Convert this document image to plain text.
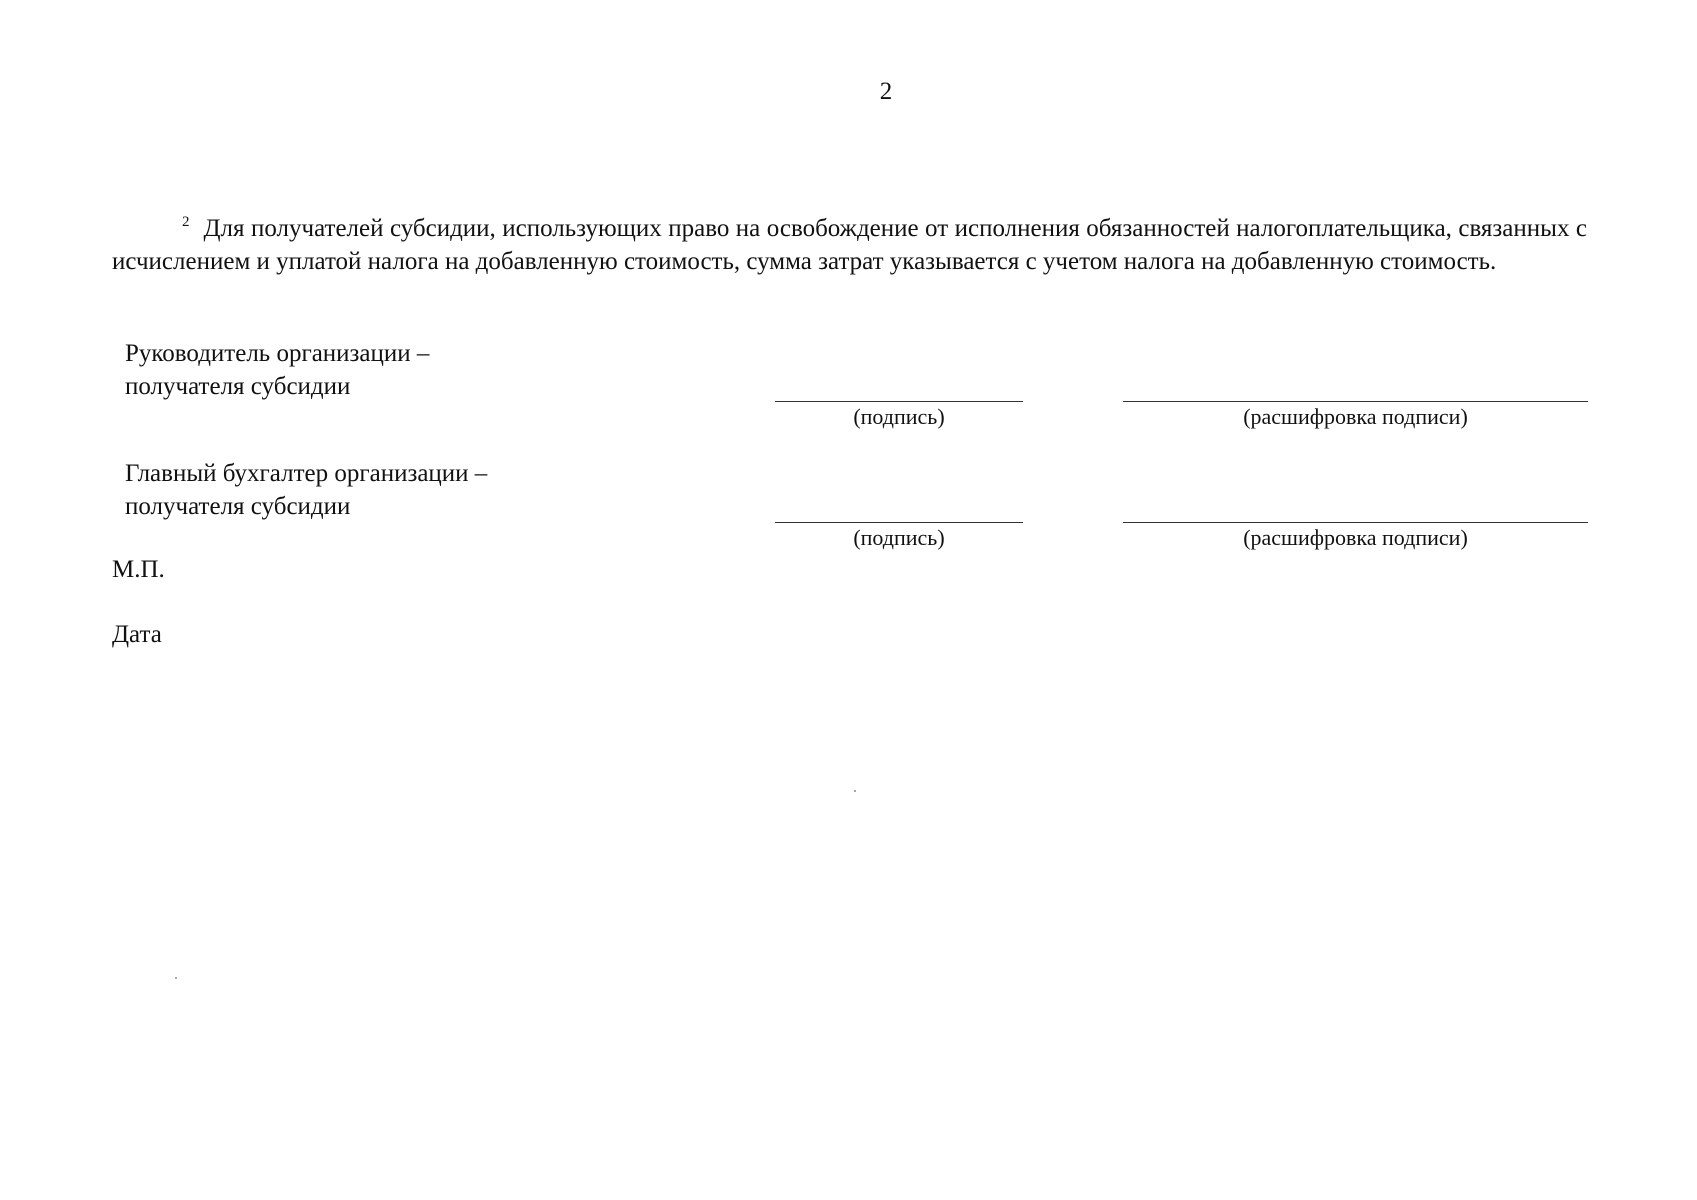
2

$^2$ Для получателей субсидии, использующих право на освобождение от исполнения обязанностей налогоплательщика, связанных с исчислением и уплатой налога на добавленную стоимость, сумма затрат указывается с учетом налога на добавленную стоимость.

Руководитель организации –
получателя субсидии
(подпись)	(расшифровка подписи)
Главный бухгалтер организации –
получателя субсидии
(подпись)	(расшифровка подписи)
М.П.
Дата
